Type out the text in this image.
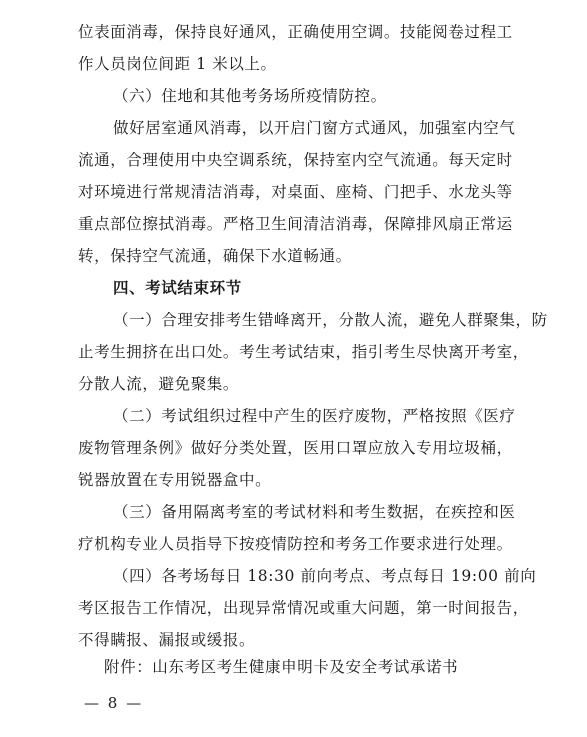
位表面消毒，保持良好通风，正确使用空调。技能阅卷过程工
作人员岗位间距 1 米以上。
（六）住地和其他考务场所疫情防控。
做好居室通风消毒，以开启门窗方式通风，加强室内空气
流通，合理使用中央空调系统，保持室内空气流通。每天定时
对环境进行常规清洁消毒，对桌面、座椅、门把手、水龙头等
重点部位擦拭消毒。严格卫生间清洁消毒，保障排风扇正常运
转，保持空气流通，确保下水道畅通。
四、考试结束环节
（一）合理安排考生错峰离开，分散人流，避免人群聚集，防
止考生拥挤在出口处。考生考试结束，指引考生尽快离开考室，
分散人流，避免聚集。
（二）考试组织过程中产生的医疗废物，严格按照《医疗
废物管理条例》做好分类处置，医用口罩应放入专用垃圾桶，
锐器放置在专用锐器盒中。
（三）备用隔离考室的考试材料和考生数据，在疾控和医
疗机构专业人员指导下按疫情防控和考务工作要求进行处理。
（四）各考场每日 18:30 前向考点、考点每日 19:00 前向
考区报告工作情况，出现异常情况或重大问题，第一时间报告，
不得瞒报、漏报或缓报。
附件：山东考区考生健康申明卡及安全考试承诺书
— 8 —
